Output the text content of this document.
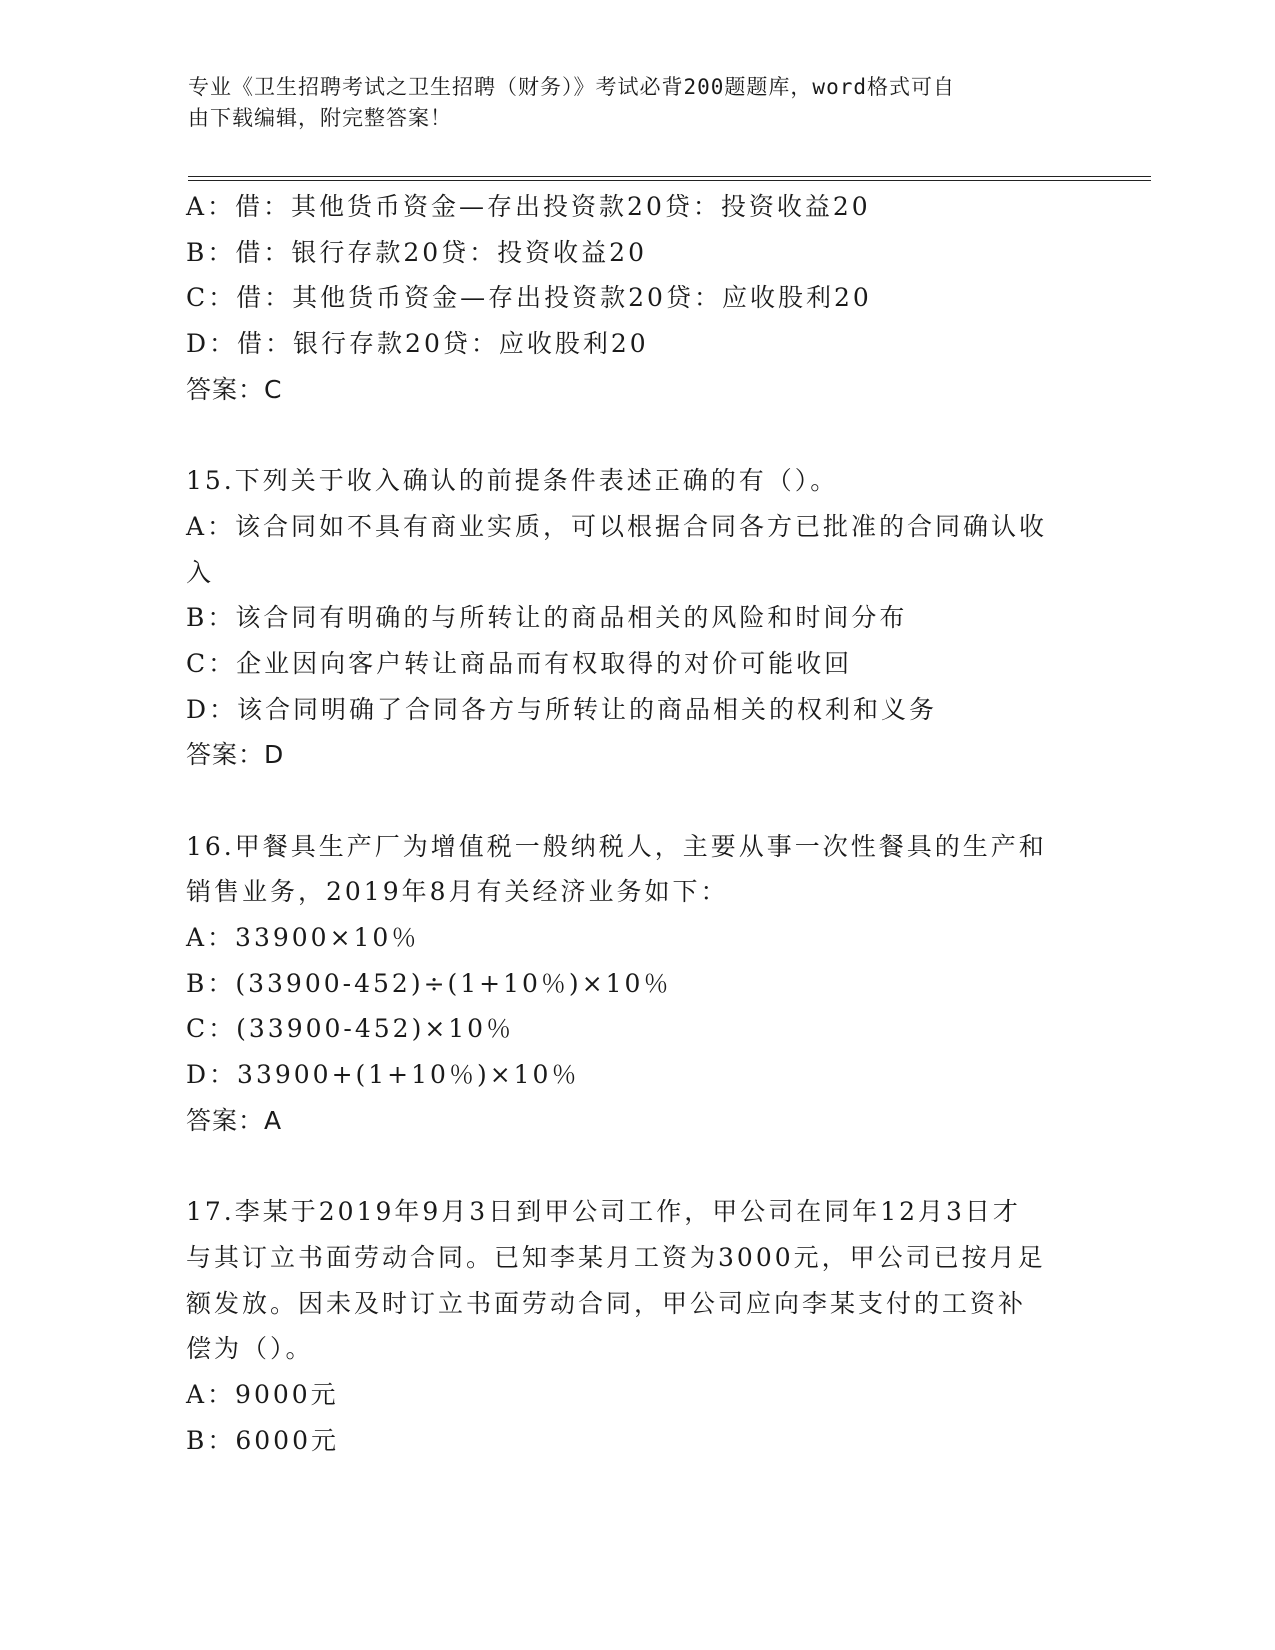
专业《卫生招聘考试之卫生招聘（财务）》考试必背200题题库，word格式可自
由下载编辑，附完整答案！
A：借：其他货币资金—存出投资款20贷：投资收益20
B：借：银行存款20贷：投资收益20
C：借：其他货币资金—存出投资款20贷：应收股利20
D：借：银行存款20贷：应收股利20
答案：C
15.下列关于收入确认的前提条件表述正确的有（）。
A：该合同如不具有商业实质，可以根据合同各方已批准的合同确认收
入
B：该合同有明确的与所转让的商品相关的风险和时间分布
C：企业因向客户转让商品而有权取得的对价可能收回
D：该合同明确了合同各方与所转让的商品相关的权利和义务
答案：D
16.甲餐具生产厂为增值税一般纳税人，主要从事一次性餐具的生产和
销售业务，2019年8月有关经济业务如下：
A：33900×10％
B：(33900-452)÷(1+10％)×10％
C：(33900-452)×10％
D：33900+(1+10％)×10％
答案：A
17.李某于2019年9月3日到甲公司工作，甲公司在同年12月3日才
与其订立书面劳动合同。已知李某月工资为3000元，甲公司已按月足
额发放。因未及时订立书面劳动合同，甲公司应向李某支付的工资补
偿为（）。
A：9000元
B：6000元
